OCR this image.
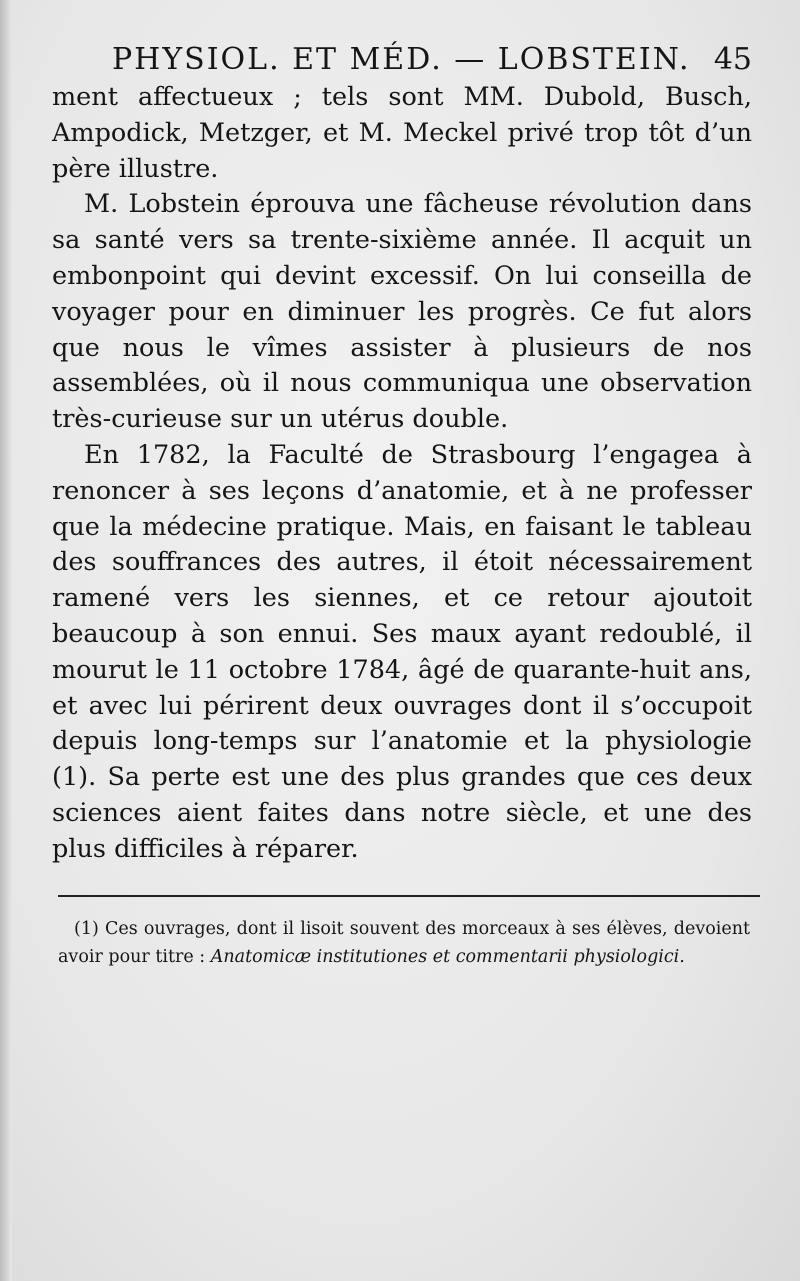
PHYSIOL. ET MÉD. — LOBSTEIN. 45

ment affectueux ; tels sont MM. Dubold, Busch, Ampodick, Metzger, et M. Meckel privé trop tôt d’un père illustre.

M. Lobstein éprouva une fâcheuse révolution dans sa santé vers sa trente-sixième année. Il acquit un embonpoint qui devint excessif. On lui conseilla de voyager pour en diminuer les progrès. Ce fut alors que nous le vîmes assister à plusieurs de nos assemblées, où il nous communiqua une observation très-curieuse sur un utérus double.

En 1782, la Faculté de Strasbourg l’engagea à renoncer à ses leçons d’anatomie, et à ne professer que la médecine pratique. Mais, en faisant le tableau des souffrances des autres, il étoit nécessairement ramené vers les siennes, et ce retour ajoutoit beaucoup à son ennui. Ses maux ayant redoublé, il mourut le 11 octobre 1784, âgé de quarante-huit ans, et avec lui périrent deux ouvrages dont il s’occupoit depuis long-temps sur l’anatomie et la physiologie (1). Sa perte est une des plus grandes que ces deux sciences aient faites dans notre siècle, et une des plus difficiles à réparer.

(1) Ces ouvrages, dont il lisoit souvent des morceaux à ses élèves, devoient avoir pour titre : Anatomicæ institutiones et commentarii physiologici.
